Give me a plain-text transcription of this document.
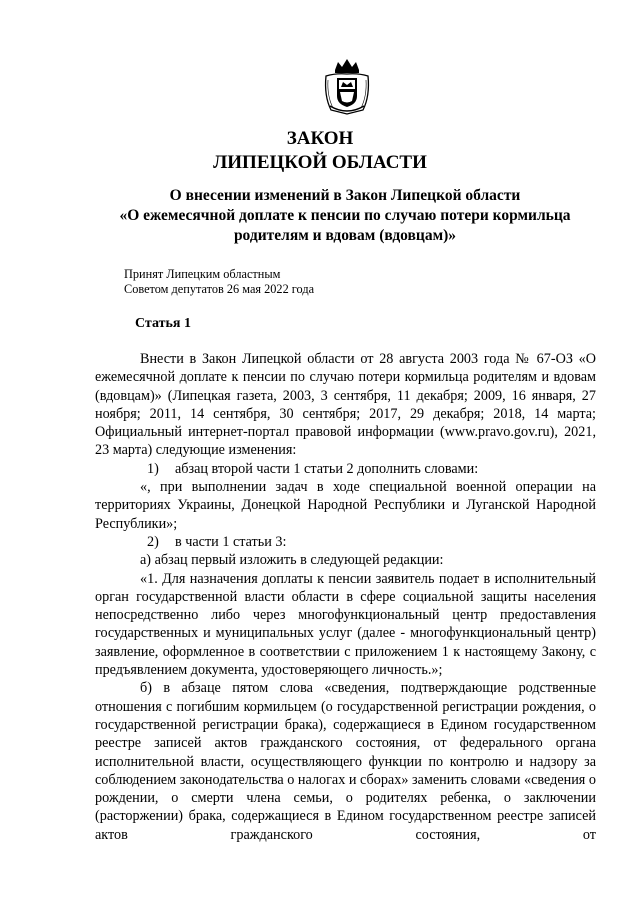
ЗАКОН
ЛИПЕЦКОЙ ОБЛАСТИ
О внесении изменений в Закон Липецкой области
«О ежемесячной доплате к пенсии по случаю потери кормильца
родителям и вдовам (вдовцам)»
Принят Липецким областным
Советом депутатов 26 мая 2022 года
Статья 1

Внести в Закон Липецкой области от 28 августа 2003 года № 67-ОЗ «О ежемесячной доплате к пенсии по случаю потери кормильца родителям и вдовам (вдовцам)» (Липецкая газета, 2003, 3 сентября, 11 декабря; 2009, 16 января, 27 ноября; 2011, 14 сентября, 30 сентября; 2017, 29 декабря; 2018, 14 марта; Официальный интернет-портал правовой информации (www.pravo.gov.ru), 2021, 23 марта) следующие изменения:

1) абзац второй части 1 статьи 2 дополнить словами:

«, при выполнении задач в ходе специальной военной операции на территориях Украины, Донецкой Народной Республики и Луганской Народной Республики»;

2) в части 1 статьи 3:

а) абзац первый изложить в следующей редакции:

«1. Для назначения доплаты к пенсии заявитель подает в исполнительный орган государственной власти области в сфере социальной защиты населения непосредственно либо через многофункциональный центр предоставления государственных и муниципальных услуг (далее - многофункциональный центр) заявление, оформленное в соответствии с приложением 1 к настоящему Закону, с предъявлением документа, удостоверяющего личность.»;

б) в абзаце пятом слова «сведения, подтверждающие родственные отношения с погибшим кормильцем (о государственной регистрации рождения, о государственной регистрации брака), содержащиеся в Едином государственном реестре записей актов гражданского состояния, от федерального органа исполнительной власти, осуществляющего функции по контролю и надзору за соблюдением законодательства о налогах и сборах» заменить словами «сведения о рождении, о смерти члена семьи, о родителях ребенка, о заключении (расторжении) брака, содержащиеся в Едином государственном реестре записей актов гражданского состояния, от
